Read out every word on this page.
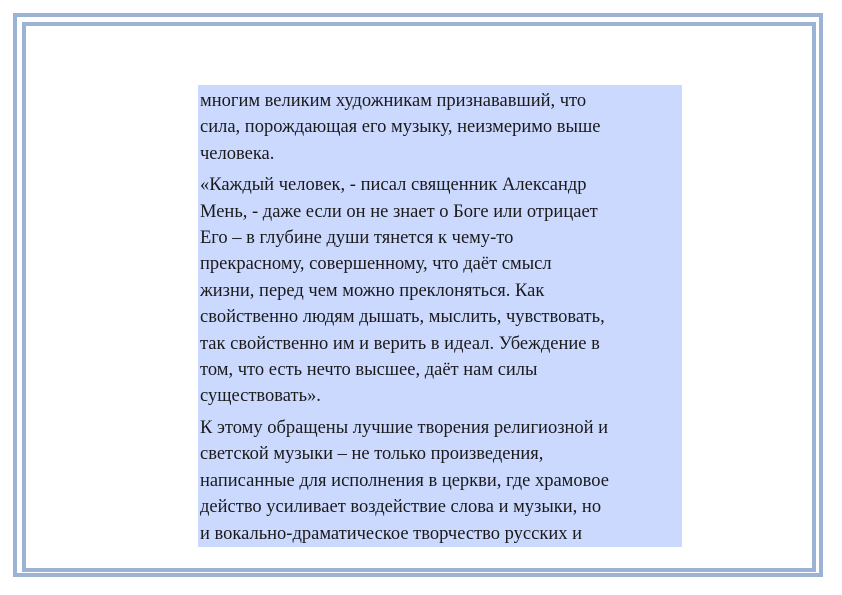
многим великим художникам признававший, что
сила, порождающая его музыку, неизмеримо выше
человека.
«Каждый человек, - писал священник Александр
Мень, - даже если он не знает о Боге или отрицает
Его – в глубине души тянется к чему-то
прекрасному, совершенному, что даёт смысл
жизни, перед чем можно преклоняться. Как
свойственно людям дышать, мыслить, чувствовать,
так свойственно им и верить в идеал. Убеждение в
том, что есть нечто высшее, даёт нам силы
существовать».
К этому обращены лучшие творения религиозной и
светской музыки – не только произведения,
написанные для исполнения в церкви, где храмовое
действо усиливает воздействие слова и музыки, но
и вокально-драматическое творчество русских и
